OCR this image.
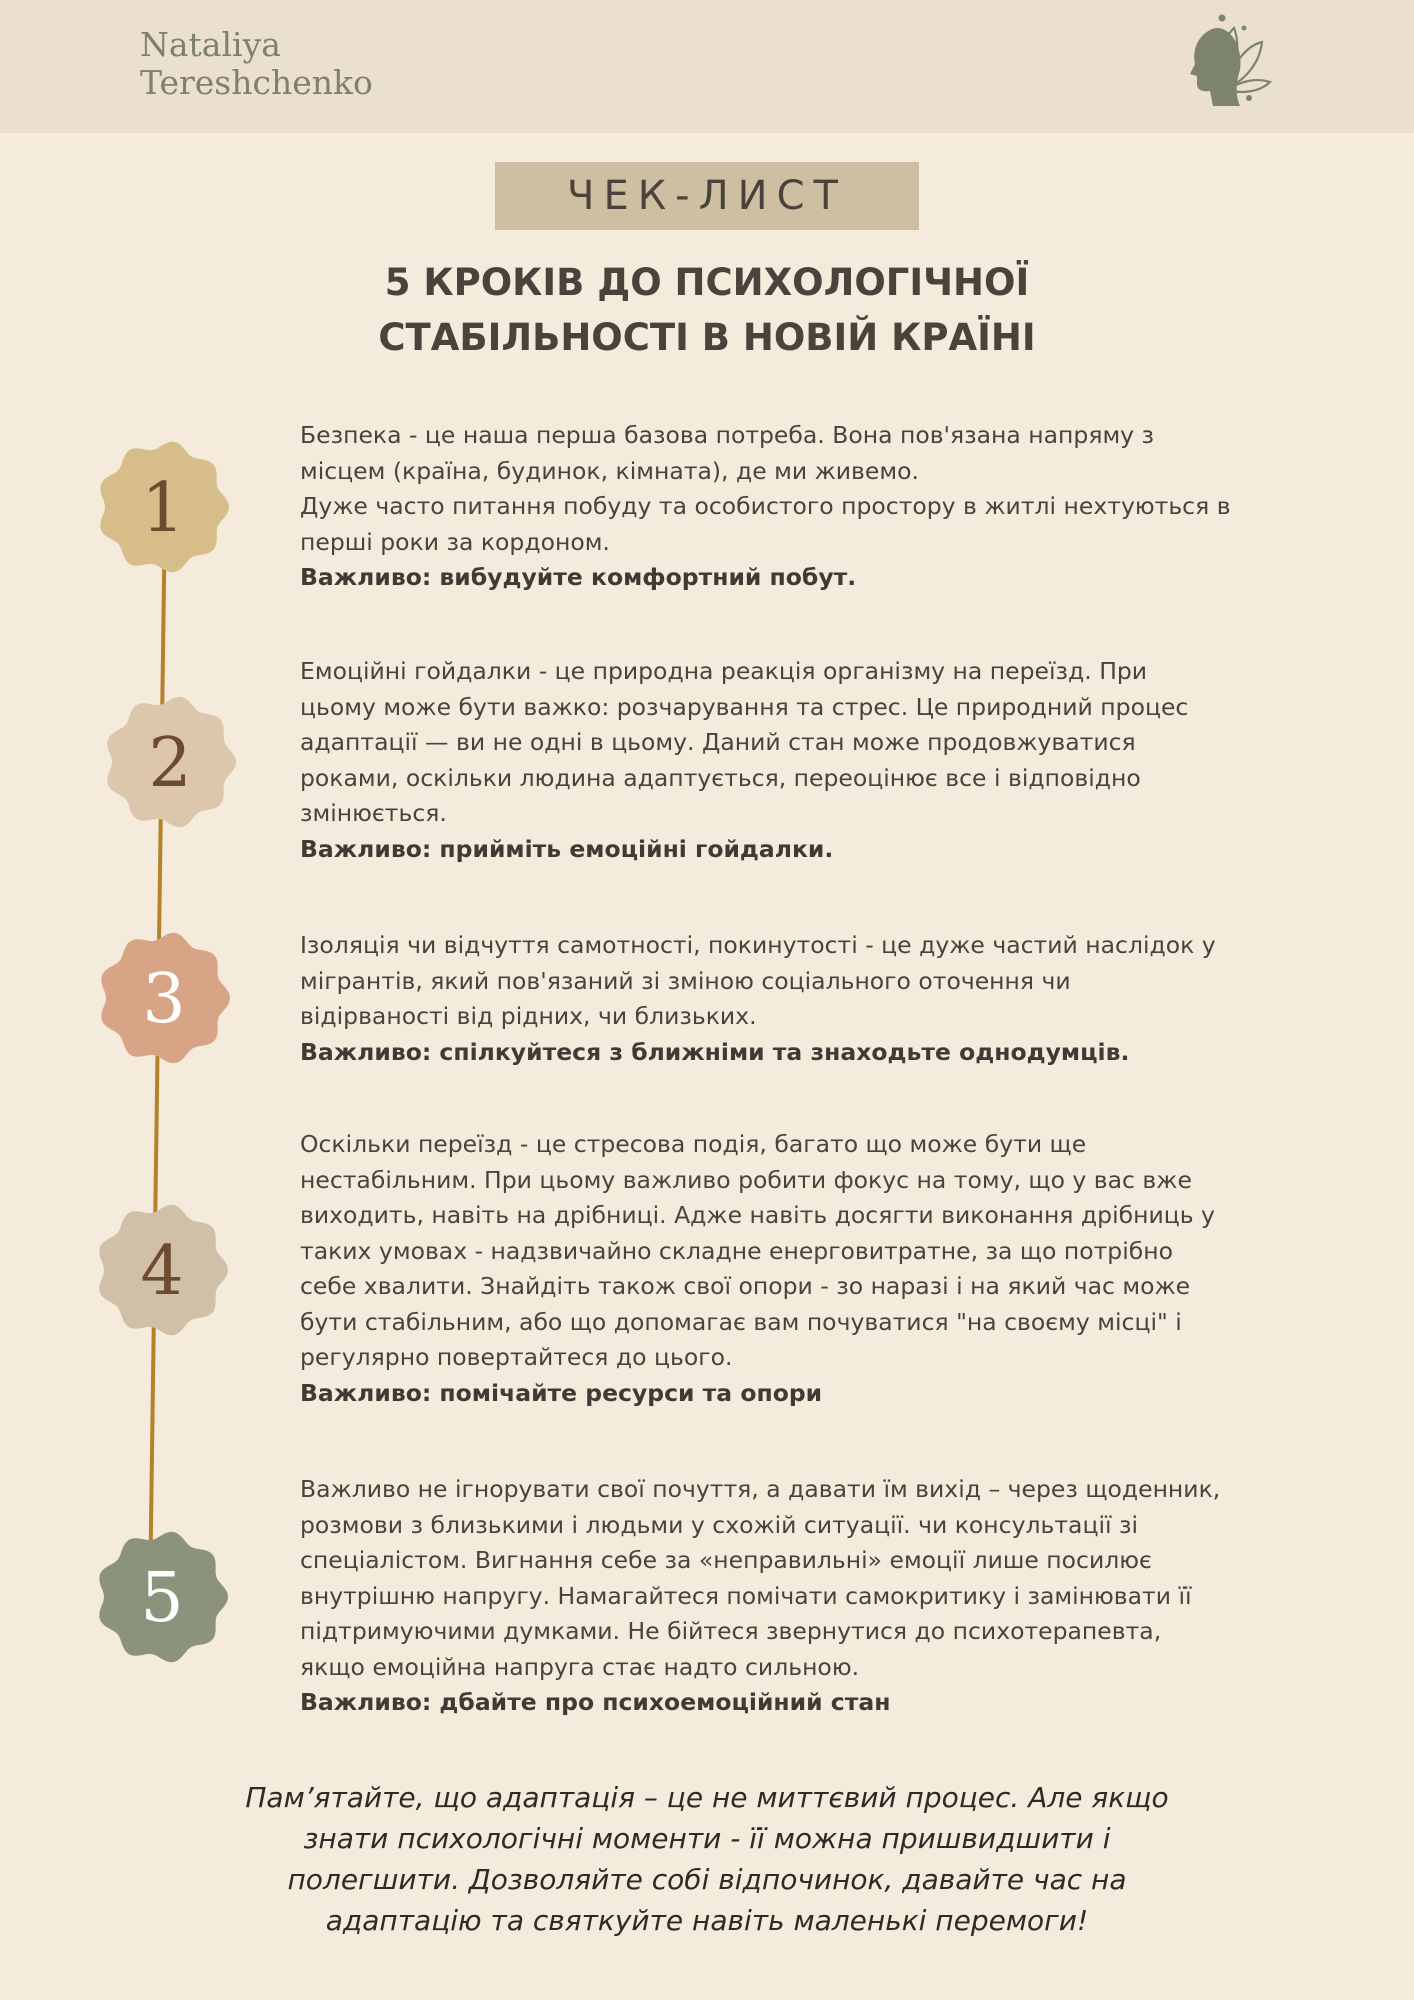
Nataliya
Tereshchenko
ЧЕК-ЛИСТ
5 КРОКІВ ДО ПСИХОЛОГІЧНОЇ
СТАБІЛЬНОСТІ В НОВІЙ КРАЇНІ
1
2
3
4
5

Безпека - це наша перша базова потреба. Вона пов'язана напряму з

місцем (країна, будинок, кімната), де ми живемо.

Дуже часто питання побуду та особистого простору в житлі нехтуються в

перші роки за кордоном.

Важливо: вибудуйте комфортний побут.

Емоційні гойдалки - це природна реакція організму на переїзд. При

цьому може бути важко: розчарування та стрес. Це природний процес

адаптації — ви не одні в цьому. Даний стан може продовжуватися

роками, оскільки людина адаптується, переоцінює все і відповідно

змінюється.

Важливо: прийміть емоційні гойдалки.

Ізоляція чи відчуття самотності, покинутості - це дуже частий наслідок у

мігрантів, який пов'язаний зі зміною соціального оточення чи

відірваності від рідних, чи близьких.

Важливо: спілкуйтеся з ближніми та знаходьте однодумців.

Оскільки переїзд - це стресова подія, багато що може бути ще

нестабільним. При цьому важливо робити фокус на тому, що у вас вже

виходить, навіть на дрібниці. Адже навіть досягти виконання дрібниць у

таких умовах - надзвичайно складне енерговитратне, за що потрібно

себе хвалити. Знайдіть також свої опори - зо наразі і на який час може

бути стабільним, або що допомагає вам почуватися "на своєму місці" і

регулярно повертайтеся до цього.

Важливо: помічайте ресурси та опори

Важливо не ігнорувати свої почуття, а давати їм вихід – через щоденник,

розмови з близькими і людьми у схожій ситуації. чи консультації зі

спеціалістом. Вигнання себе за «неправильні» емоції лише посилює

внутрішню напругу. Намагайтеся помічати самокритику і замінювати її

підтримуючими думками. Не бійтеся звернутися до психотерапевта,

якщо емоційна напруга стає надто сильною.

Важливо: дбайте про психоемоційний стан

Пам’ятайте, що адаптація – це не миттєвий процес. Але якщо
знати психологічні моменти - її можна пришвидшити і
полегшити. Дозволяйте собі відпочинок, давайте час на
адаптацію та святкуйте навіть маленькі перемоги!
